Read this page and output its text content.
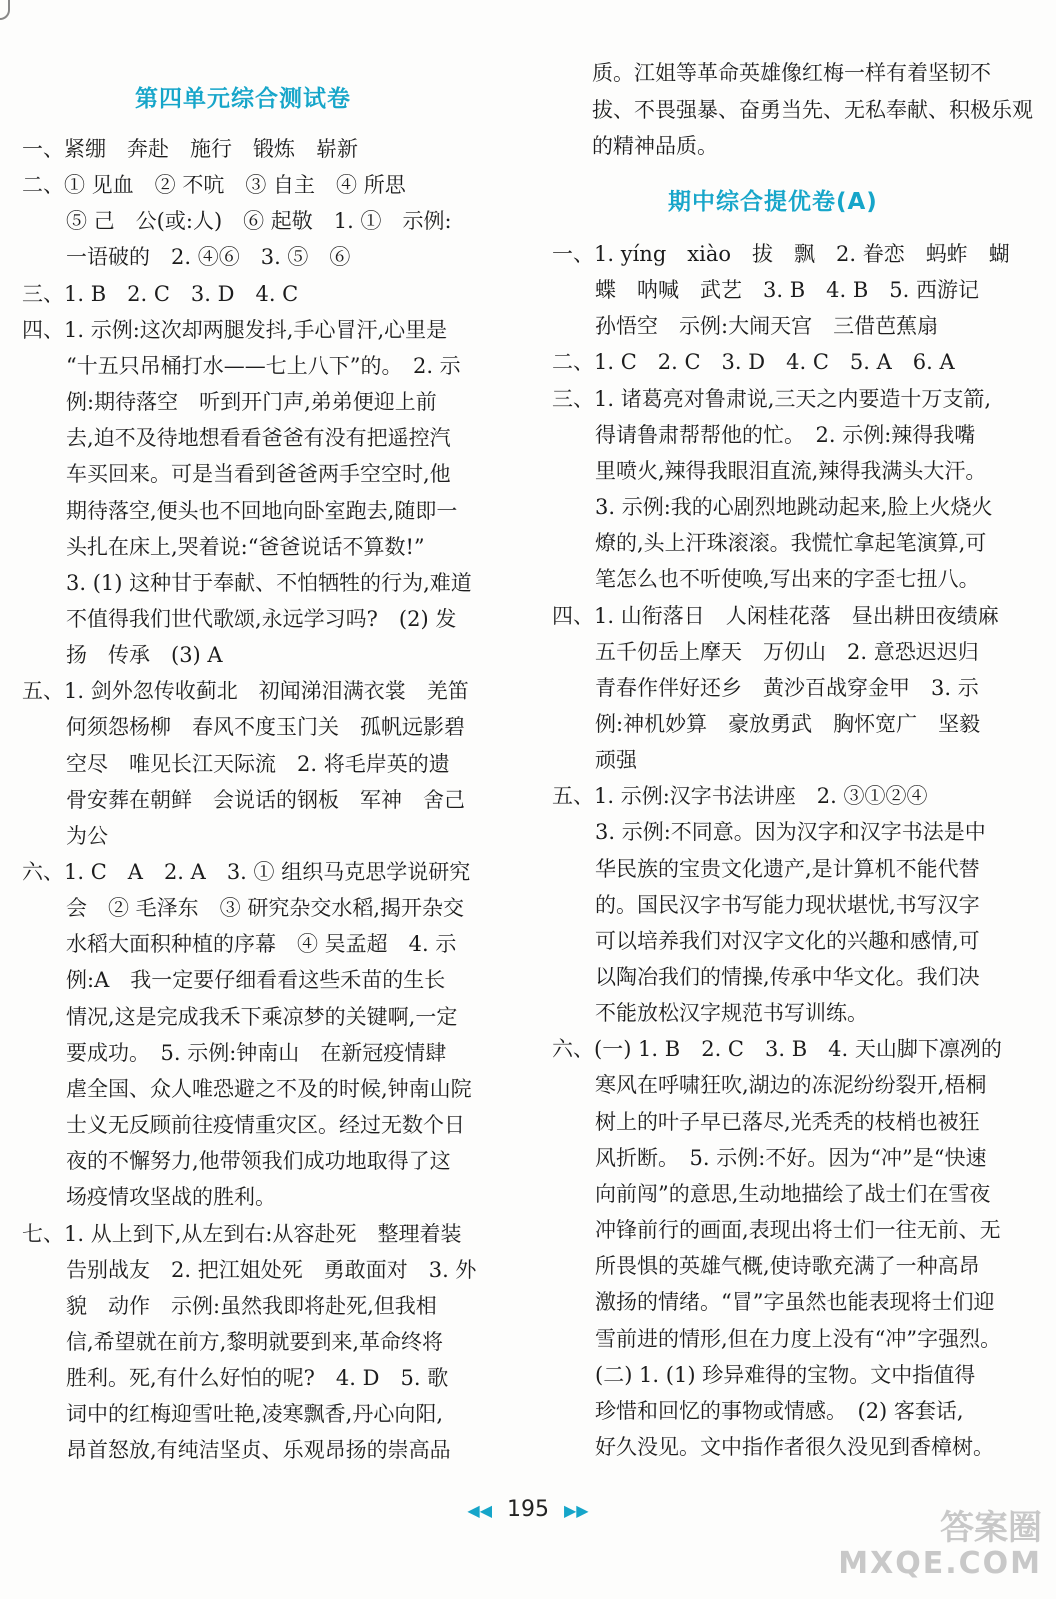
第四单元综合测试卷
一、紧绷　奔赴　施行　锻炼　崭新
二、① 见血　② 不吭　③ 自主　④ 所思
⑤ 己　公(或:人)　⑥ 起敬　1. ①　示例:
一语破的　2. ④⑥　3. ⑤　⑥
三、1. B　2. C　3. D　4. C
四、1. 示例:这次却两腿发抖,手心冒汗,心里是
“十五只吊桶打水——七上八下”的。　2. 示
例:期待落空　听到开门声,弟弟便迎上前
去,迫不及待地想看看爸爸有没有把遥控汽
车买回来。可是当看到爸爸两手空空时,他
期待落空,便头也不回地向卧室跑去,随即一
头扎在床上,哭着说:“爸爸说话不算数!”
3. (1) 这种甘于奉献、不怕牺牲的行为,难道
不值得我们世代歌颂,永远学习吗?　(2) 发
扬　传承　(3) A
五、1. 剑外忽传收蓟北　初闻涕泪满衣裳　羌笛
何须怨杨柳　春风不度玉门关　孤帆远影碧
空尽　唯见长江天际流　2. 将毛岸英的遗
骨安葬在朝鲜　会说话的钢板　军神　舍己
为公
六、1. C　A　2. A　3. ① 组织马克思学说研究
会　② 毛泽东　③ 研究杂交水稻,揭开杂交
水稻大面积种植的序幕　④ 吴孟超　4. 示
例:A　我一定要仔细看看这些禾苗的生长
情况,这是完成我禾下乘凉梦的关键啊,一定
要成功。　5. 示例:钟南山　在新冠疫情肆
虐全国、众人唯恐避之不及的时候,钟南山院
士义无反顾前往疫情重灾区。经过无数个日
夜的不懈努力,他带领我们成功地取得了这
场疫情攻坚战的胜利。
七、1. 从上到下,从左到右:从容赴死　整理着装
告别战友　2. 把江姐处死　勇敢面对　3. 外
貌　动作　示例:虽然我即将赴死,但我相
信,希望就在前方,黎明就要到来,革命终将
胜利。死,有什么好怕的呢?　4. D　5. 歌
词中的红梅迎雪吐艳,凌寒飘香,丹心向阳,
昂首怒放,有纯洁坚贞、乐观昂扬的崇高品
质。江姐等革命英雄像红梅一样有着坚韧不
拔、不畏强暴、奋勇当先、无私奉献、积极乐观
的精神品质。
期中综合提优卷(A)
一、1. yíng　xiào　拔　飘　2. 眷恋　蚂蚱　蝴
蝶　呐喊　武艺　3. B　4. B　5. 西游记
孙悟空　示例:大闹天宫　三借芭蕉扇
二、1. C　2. C　3. D　4. C　5. A　6. A
三、1. 诸葛亮对鲁肃说,三天之内要造十万支箭,
得请鲁肃帮帮他的忙。　2. 示例:辣得我嘴
里喷火,辣得我眼泪直流,辣得我满头大汗。
3. 示例:我的心剧烈地跳动起来,脸上火烧火
燎的,头上汗珠滚滚。我慌忙拿起笔演算,可
笔怎么也不听使唤,写出来的字歪七扭八。
四、1. 山衔落日　人闲桂花落　昼出耕田夜绩麻
五千仞岳上摩天　万仞山　2. 意恐迟迟归
青春作伴好还乡　黄沙百战穿金甲　3. 示
例:神机妙算　豪放勇武　胸怀宽广　坚毅
顽强
五、1. 示例:汉字书法讲座　2. ③①②④
3. 示例:不同意。因为汉字和汉字书法是中
华民族的宝贵文化遗产,是计算机不能代替
的。国民汉字书写能力现状堪忧,书写汉字
可以培养我们对汉字文化的兴趣和感情,可
以陶冶我们的情操,传承中华文化。我们决
不能放松汉字规范书写训练。
六、(一) 1. B　2. C　3. B　4. 天山脚下凛冽的
寒风在呼啸狂吹,湖边的冻泥纷纷裂开,梧桐
树上的叶子早已落尽,光秃秃的枝梢也被狂
风折断。　5. 示例:不好。因为“冲”是“快速
向前闯”的意思,生动地描绘了战士们在雪夜
冲锋前行的画面,表现出将士们一往无前、无
所畏惧的英雄气概,使诗歌充满了一种高昂
激扬的情绪。“冒”字虽然也能表现将士们迎
雪前进的情形,但在力度上没有“冲”字强烈。
(二) 1. (1) 珍异难得的宝物。文中指值得
珍惜和回忆的事物或情感。　(2) 客套话,
好久没见。文中指作者很久没见到香樟树。
◀◀ 195 ▶▶	答案圈
MXQE.COM
